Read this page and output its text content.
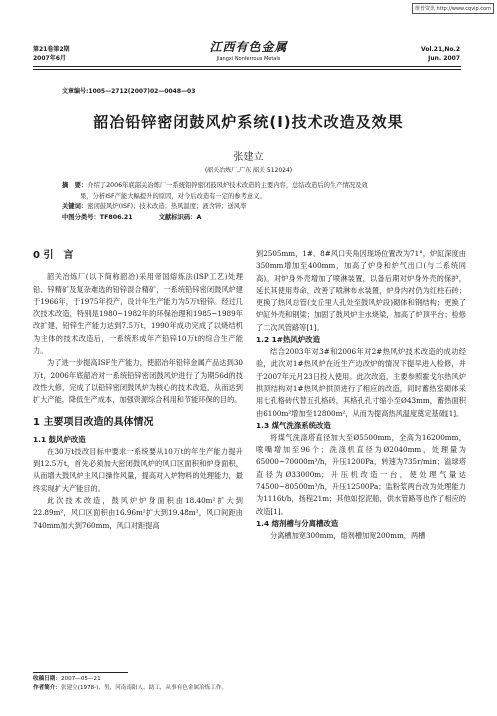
维普资讯 http://www.cqvip.com
第21卷第2期
2007年6月
江西有色金属
Jiangxi Nonferrous Metals
Vol.21,No.2
Jun. 2007
文章编号:1005—2712(2007)02—0048—03
韶冶铅锌密闭鼓风炉系统(I)技术改造及效果
张建立
(韶关冶炼厂,广东 韶关 512024)
摘　要：介绍了2006年底韶关冶炼厂一系统铅锌密闭鼓风炉技术改造的主要内容，总结改造后的生产情况及效
果，分析ISF产能大幅提升的原因，对今后改造有一定的参考意义。
关键词：密闭鼓风炉(ISF)；技术改造；热风温度；液含锌；送风率
中图分类号：TF806.21	文献标识码：A
0 引　言

韶关冶炼厂(以下简称韶冶)采用帝国熔炼法(ISP工艺)处理铅、锌精矿及复杂难选的铅锌混合精矿，一系统铅锌密闭鼓风炉建于1966年，于1975年投产，设计年生产能力为5万t铅锌。经过几次技术改造，特别是1980~1982年的环保治理和1985~1989年改扩建，铅锌生产能力达到7.5万t，1990年成功完成了以烧结机为主体的技术改造后，一系统形成年产铅锌10万t的综合生产能力。

为了进一步提高ISF生产能力，使韶冶年铅锌金属产品达到30万t，2006年底韶冶对一系统铅锌密闭鼓风炉进行了为期56d的技改性大修，完成了以铅锌密闭鼓风炉为核心的技术改造，从而达到扩大产能，降低生产成本，加强资源综合利用和节能环保的目的。

1 主要项目改造的具体情况
1.1 鼓风炉改造

在30万t技改目标中要求一系统要从10万t的年生产能力提升到12.5万t，首先必须加大密闭鼓风炉的风口区面积和炉身面积，从而增大鼓风炉主风口操作风量，提高对入炉物料的处理能力，最终实现扩大产能目的。

此次技术改造，鼓风炉炉身面积由18.40m²扩大到22.89m²，风口区面积由16.96m²扩大到19.48m²，风口间距由740mm加大到760mm，风口对距提高

到2505mm，1#、8#风口夹角因现场位置改为71°，炉缸深度由350mm增加至400mm，加高了炉身和炉气出口(与二系统同高)。对炉身外壳增加了喷淋装置，以备后期对炉身外壳的保护，延长其使用寿命，改善了喷淋布水装置，炉身内衬仍为红柱石砖；更换了热风总管(支丘里人孔处至鼓风炉段)砌体和钢结构；更换了炉缸外壳和钢梁；加固了鼓风炉主水烧梁，加高了炉顶平台；检修了二次风管路等[1]。

1.2 1#热风炉改造

结合2003年对3#和2006年对2#热风炉技术改造的成功经验，此次对1#热风炉在近生产边改炉的情况下提早进入检修，并于2007年元月23日投入使用。此次改造，主要参照霍戈尔热风炉拱顶结构对1#热风炉拱顶进行了相应的改造，同时蓄热室砌体采用七孔格砖代替五孔格砖，其格孔孔寸缩小至Ø43mm，蓄热面积由6100m²增加至12800m²，从而为提高热风温度奠定基础[1]。

1.3 煤气洗涤系统改造

将煤气洗涤塔直径加大至Ø5500mm，全高为16200mm，喷嘴增加至96个；洗涤机直径为Ø2040mm，处理量为65000~70000m³/h，升压1200Pa，转速为735r/min；溢球塔直径为Ø33000m；升压机改造一台，使处理气量达74500~80500m³/h，升压12500Pa；监粉浆两台改为处理能力为1116t/h，扬程21m；其他如挖泥船，供水管路等也作了相应的改造[1]。

1.4 熔剂槽与分离槽改造

分离槽加宽300mm，熔剂槽加宽200mm，两槽

收稿日期：2007—05—21
作者简介：张建立(1978-)，男，河南南阳人，助工，从事有色金属冶炼工作。
